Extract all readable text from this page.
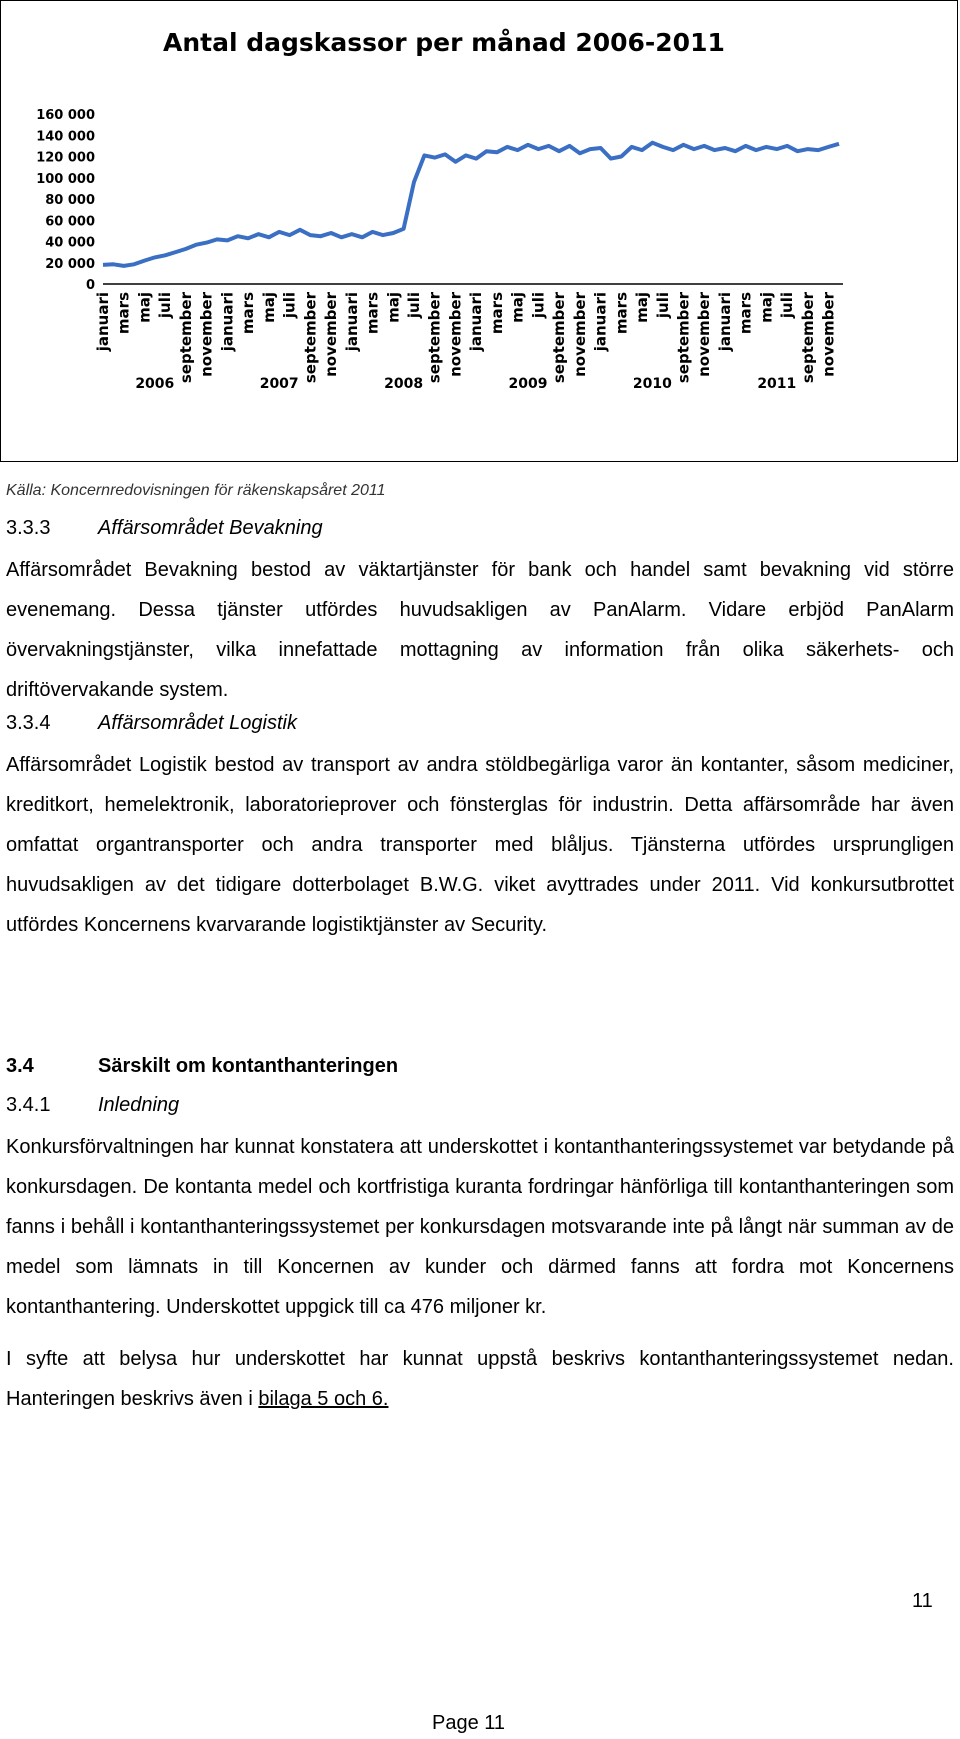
Antal dagskassor per månad 2006-2011
160 000
140 000
120 000
100 000
80 000
60 000
40 000
20 000
0
januari mars maj juli september november
2006
januari mars maj juli september november
2007
januari mars maj juli september november
2008
januari mars maj juli september november
2009
januari mars maj juli september november
2010
januari mars maj juli september november
2011
Källa: Koncernredovisningen för räkenskapsåret 2011
3.3.3 Affärsområdet Bevakning

Affärsområdet Bevakning bestod av väktartjänster för bank och handel samt bevakning vid större evenemang. Dessa tjänster utfördes huvudsakligen av PanAlarm. Vidare erbjöd PanAlarm övervakningstjänster, vilka innefattade mottagning av information från olika säkerhets- och driftövervakande system.

3.3.4 Affärsområdet Logistik

Affärsområdet Logistik bestod av transport av andra stöldbegärliga varor än kontanter, såsom mediciner, kreditkort, hemelektronik, laboratorieprover och fönsterglas för industrin. Detta affärsområde har även omfattat organtransporter och andra transporter med blåljus. Tjänsterna utfördes ursprungligen huvudsakligen av det tidigare dotterbolaget B.W.G. viket avyttrades under 2011. Vid konkursutbrottet utfördes Koncernens kvarvarande logistiktjänster av Security.

3.4	Särskilt om kontanthanteringen
3.4.1 Inledning

Konkursförvaltningen har kunnat konstatera att underskottet i kontanthanteringssystemet var betydande på konkursdagen. De kontanta medel och kortfristiga kuranta fordringar hänförliga till kontanthanteringen som fanns i behåll i kontanthanteringssystemet per konkursdagen motsvarande inte på långt när summan av de medel som lämnats in till Koncernen av kunder och därmed fanns att fordra mot Koncernens kontanthantering. Underskottet uppgick till ca 476 miljoner kr.

I syfte att belysa hur underskottet har kunnat uppstå beskrivs kontanthanteringssystemet nedan. Hanteringen beskrivs även i bilaga 5 och 6.

11
Page 11
